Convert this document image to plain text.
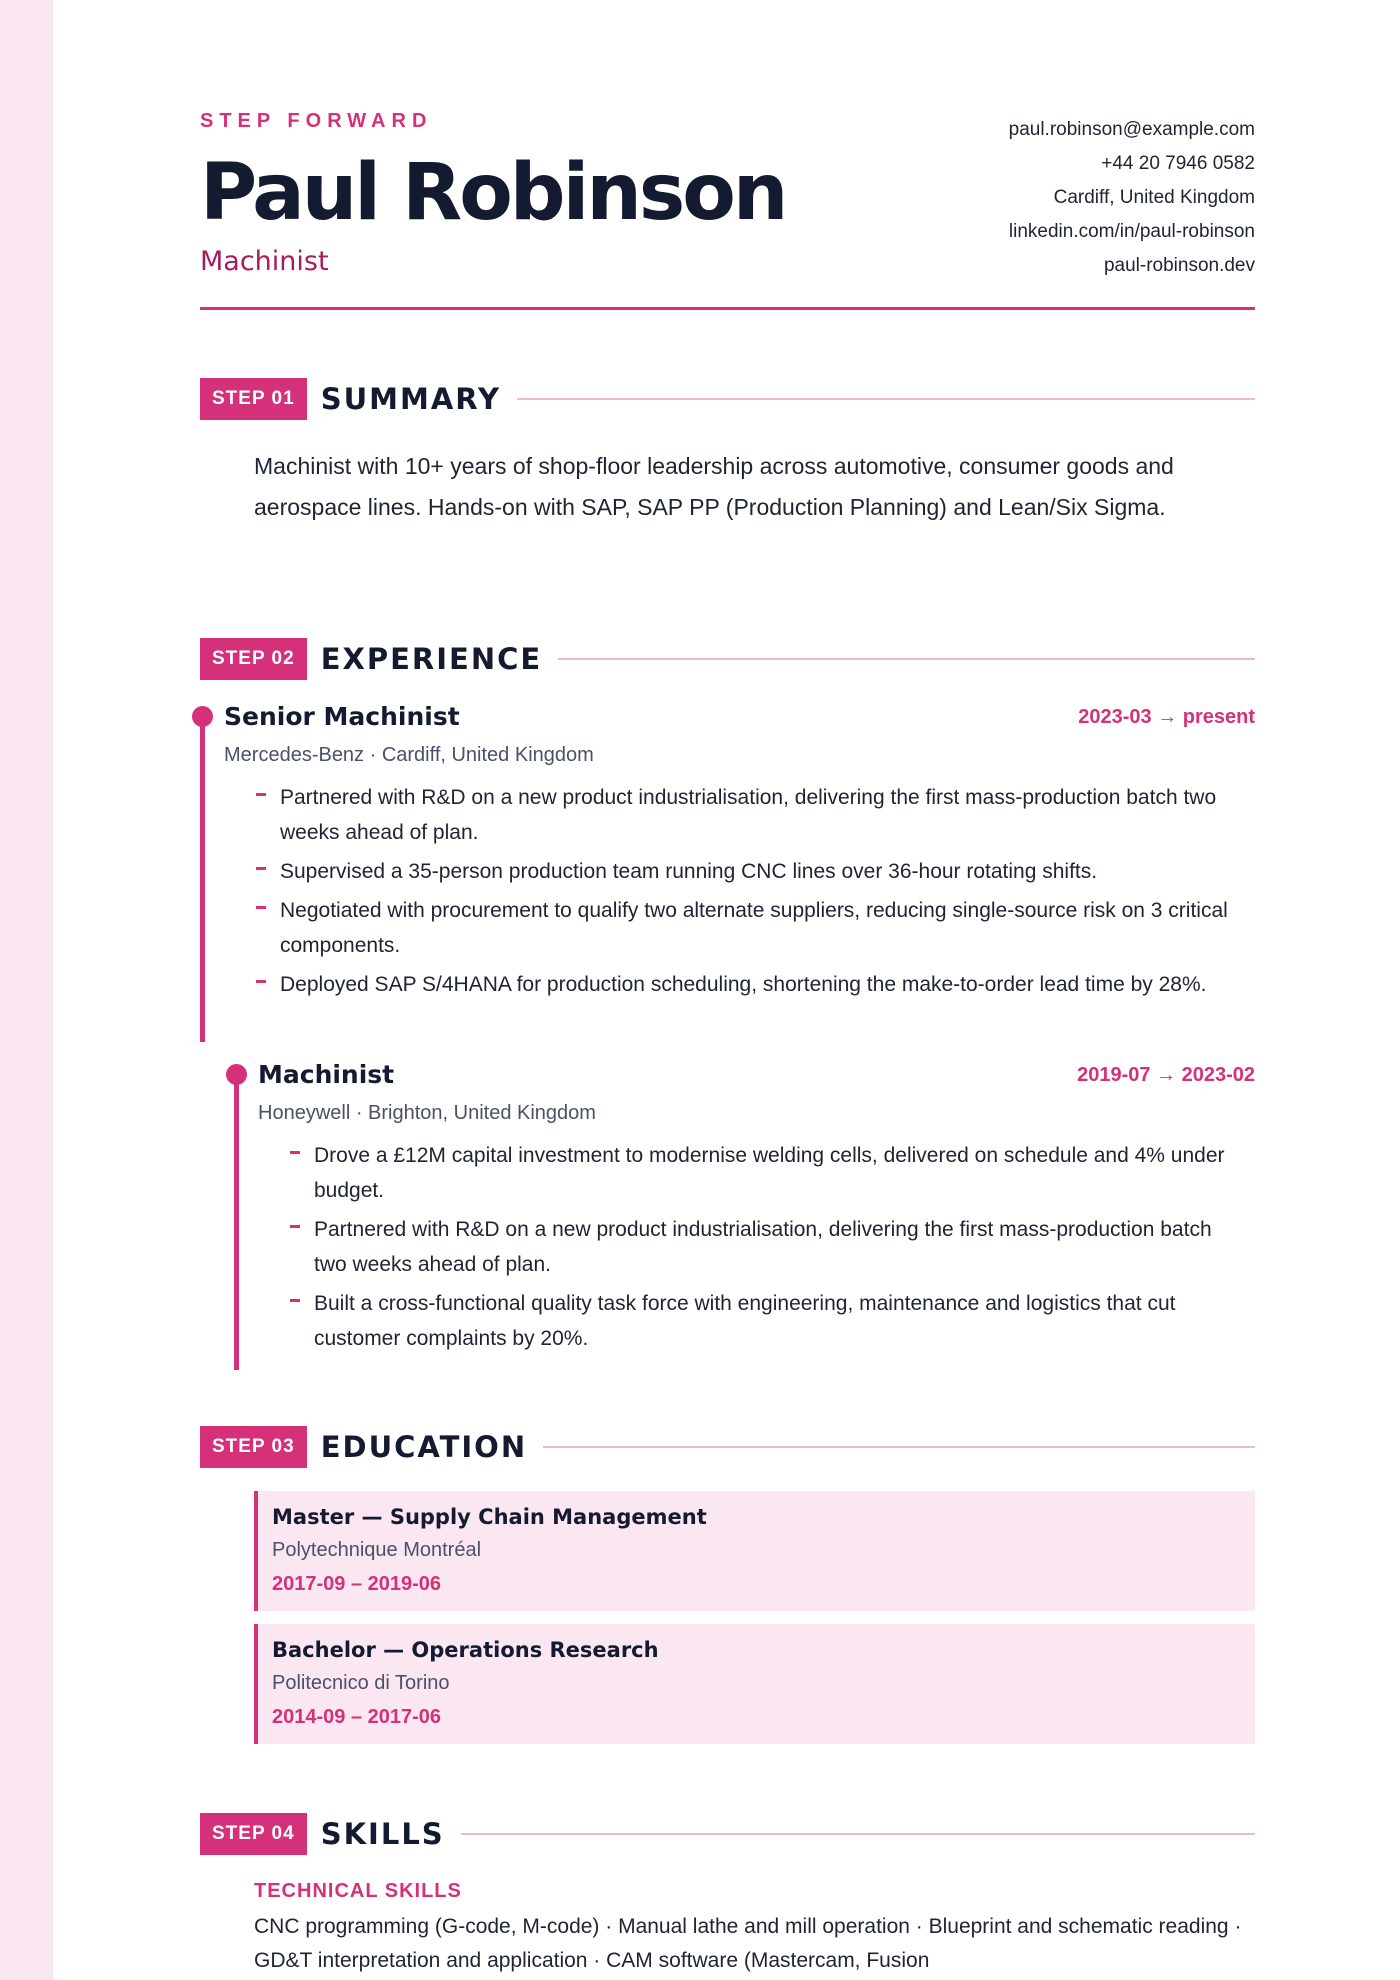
STEP FORWARD
Paul Robinson
Machinist
paul.robinson@example.com
+44 20 7946 0582
Cardiff, United Kingdom
linkedin.com/in/paul-robinson
paul-robinson.dev
STEP 01 SUMMARY
Machinist with 10+ years of shop-floor leadership across automotive, consumer goods and aerospace lines. Hands-on with SAP, SAP PP (Production Planning) and Lean/Six Sigma.
STEP 02 EXPERIENCE
Senior Machinist	2023-03 → present
Mercedes-Benz · Cardiff, United Kingdom
Partnered with R&D on a new product industrialisation, delivering the first mass-production batch two weeks ahead of plan.
Supervised a 35-person production team running CNC lines over 36-hour rotating shifts.
Negotiated with procurement to qualify two alternate suppliers, reducing single-source risk on 3 critical components.
Deployed SAP S/4HANA for production scheduling, shortening the make-to-order lead time by 28%.
Machinist	2019-07 → 2023-02
Honeywell · Brighton, United Kingdom
Drove a £12M capital investment to modernise welding cells, delivered on schedule and 4% under budget.
Partnered with R&D on a new product industrialisation, delivering the first mass-production batch two weeks ahead of plan.
Built a cross-functional quality task force with engineering, maintenance and logistics that cut customer complaints by 20%.
STEP 03 EDUCATION
Master — Supply Chain Management
Polytechnique Montréal
2017-09 – 2019-06
Bachelor — Operations Research
Politecnico di Torino
2014-09 – 2017-06
STEP 04 SKILLS
TECHNICAL SKILLS
CNC programming (G-code, M-code) · Manual lathe and mill operation · Blueprint and schematic reading · GD&T interpretation and application · CAM software (Mastercam, Fusion
